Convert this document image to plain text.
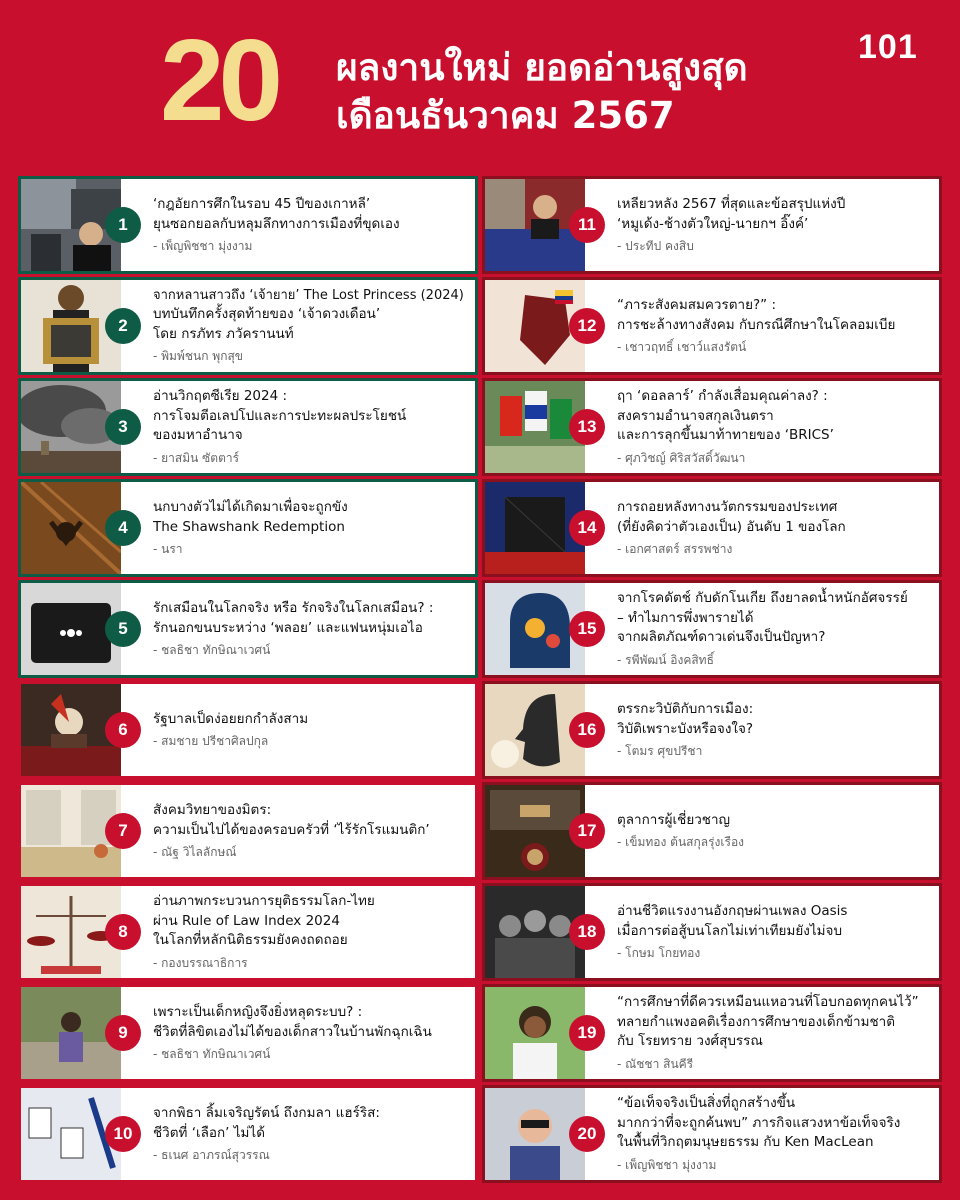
20 ผลงานใหม่ ยอดอ่านสูงสุด
เดือนธันวาคม 2567
101
1
‘กฎอัยการศึกในรอบ 45 ปีของเกาหลี’
ยุนซอกยอลกับหลุมลึกทางการเมืองที่ขุดเอง
- เพ็ญพิชชา มุ่งงาม
2
จากหลานสาวถึง ‘เจ้ายาย’ The Lost Princess (2024)
บทบันทึกครั้งสุดท้ายของ ‘เจ้าดวงเดือน’
โดย กรภัทร ภวัครานนท์
- พิมพ์ชนก พุกสุข
3
อ่านวิกฤตซีเรีย 2024 :
การโจมตีอเลปโปและการปะทะผลประโยชน์
ของมหาอำนาจ
- ยาสมิน ซัตตาร์
4
นกบางตัวไม่ได้เกิดมาเพื่อจะถูกขัง
The Shawshank Redemption
- นรา
5
รักเสมือนในโลกจริง หรือ รักจริงในโลกเสมือน? :
รักนอกขนบระหว่าง ‘พลอย’ และแฟนหนุ่มเอไอ
- ชลธิชา ทักษิณาเวศน์
6
รัฐบาลเป็ดง่อยยกกำลังสาม
- สมชาย ปรีชาศิลปกุล
7
สังคมวิทยาของมิตร:
ความเป็นไปได้ของครอบครัวที่ ‘ไร้รักโรแมนติก’
- ณัฐ วิไลลักษณ์
8
อ่านภาพกระบวนการยุติธรรมโลก-ไทย
ผ่าน Rule of Law Index 2024
ในโลกที่หลักนิติธรรมยังคงถดถอย
- กองบรรณาธิการ
9
เพราะเป็นเด็กหญิงจึงยิ่งหลุดระบบ? :
ชีวิตที่ลิขิตเองไม่ได้ของเด็กสาวในบ้านพักฉุกเฉิน
- ชลธิชา ทักษิณาเวศน์
10
จากพิธา ลิ้มเจริญรัตน์ ถึงกมลา แฮร์ริส:
ชีวิตที่ ‘เลือก’ ไม่ได้
- ธเนศ อาภรณ์สุวรรณ
11
เหลียวหลัง 2567 ที่สุดและข้อสรุปแห่งปี
‘หมูเด้ง-ช้างตัวใหญ่-นายกฯ อิ๊งค์’
- ประทีป คงสิบ
12
“ภาระสังคมสมควรตาย?” :
การชะล้างทางสังคม กับกรณีศึกษาในโคลอมเบีย
- เชาวฤทธิ์ เชาว์แสงรัตน์
13
ฤา ‘ดอลลาร์’ กำลังเสื่อมคุณค่าลง? :
สงครามอำนาจสกุลเงินตรา
และการลุกขึ้นมาท้าทายของ ‘BRICS’
- ศุภวิชญ์ ศิริสวัสดิ์วัฒนา
14
การถอยหลังทางนวัตกรรมของประเทศ
(ที่ยังคิดว่าตัวเองเป็น) อันดับ 1 ของโลก
- เอกศาสตร์ สรรพช่าง
15
จากโรคดัตช์ กับดักโนเกีย ถึงยาลดน้ำหนักอัศจรรย์
– ทำไมการพึ่งพารายได้
จากผลิตภัณฑ์ดาวเด่นจึงเป็นปัญหา?
- รพีพัฒน์ อิงคสิทธิ์
16
ตรรกะวิบัติกับการเมือง:
วิบัติเพราะบังหรือจงใจ?
- โตมร ศุขปรีชา
17
ตุลาการผู้เชี่ยวชาญ
- เข็มทอง ต้นสกุลรุ่งเรือง
18
อ่านชีวิตแรงงานอังกฤษผ่านเพลง Oasis
เมื่อการต่อสู้บนโลกไม่เท่าเทียมยังไม่จบ
- โกษม โกยทอง
19
“การศึกษาที่ดีควรเหมือนแหอวนที่โอบกอดทุกคนไว้”
ทลายกำแพงอคติเรื่องการศึกษาของเด็กข้ามชาติ
กับ โรยทราย วงศ์สุบรรณ
- ณัชชา สินคีรี
20
“ข้อเท็จจริงเป็นสิ่งที่ถูกสร้างขึ้น
มากกว่าที่จะถูกค้นพบ” ภารกิจแสวงหาข้อเท็จจริง
ในพื้นที่วิกฤตมนุษยธรรม กับ Ken MacLean
- เพ็ญพิชชา มุ่งงาม
